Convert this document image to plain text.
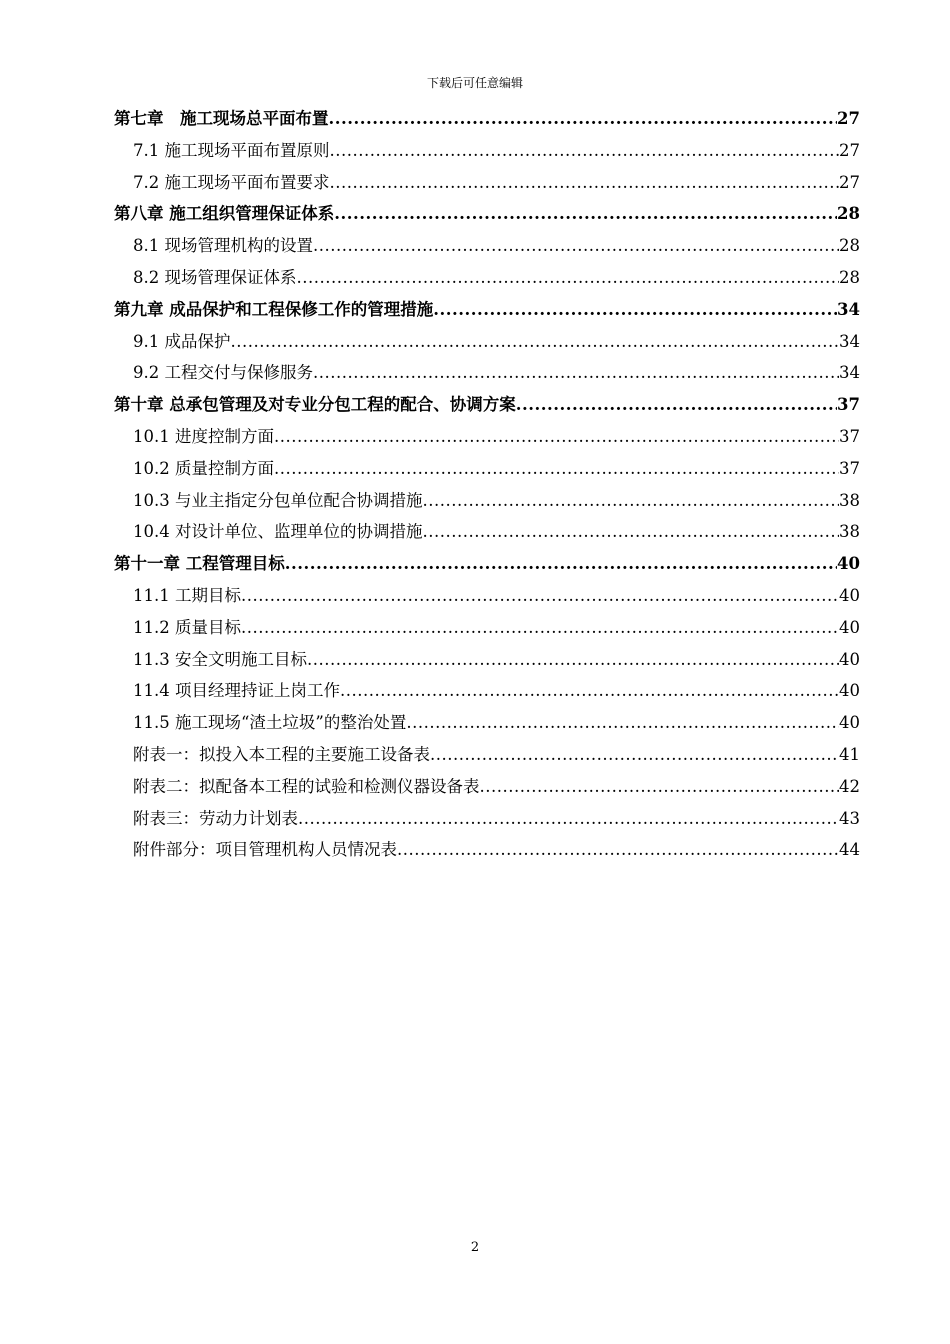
下载后可任意编辑
第七章　施工现场总平面布置 .....	27
7.1 施工现场平面布置原则 .....	27
7.2 施工现场平面布置要求 .....	27
第八章 施工组织管理保证体系 .....	28
8.1 现场管理机构的设置 .....	28
8.2 现场管理保证体系 .....	28
第九章 成品保护和工程保修工作的管理措施 .....	34
9.1 成品保护 .....	34
9.2 工程交付与保修服务 .....	34
第十章 总承包管理及对专业分包工程的配合、协调方案 .....	37
10.1 进度控制方面 .....	37
10.2 质量控制方面 .....	37
10.3 与业主指定分包单位配合协调措施 .....	38
10.4 对设计单位、监理单位的协调措施 .....	38
第十一章 工程管理目标 .....	40
11.1 工期目标 .....	40
11.2 质量目标 .....	40
11.3 安全文明施工目标 .....	40
11.4 项目经理持证上岗工作 .....	40
11.5 施工现场“渣土垃圾”的整治处置 .....	40
附表一：拟投入本工程的主要施工设备表 .....	41
附表二：拟配备本工程的试验和检测仪器设备表 .....	42
附表三：劳动力计划表 .....	43
附件部分：项目管理机构人员情况表 .....	44
2
